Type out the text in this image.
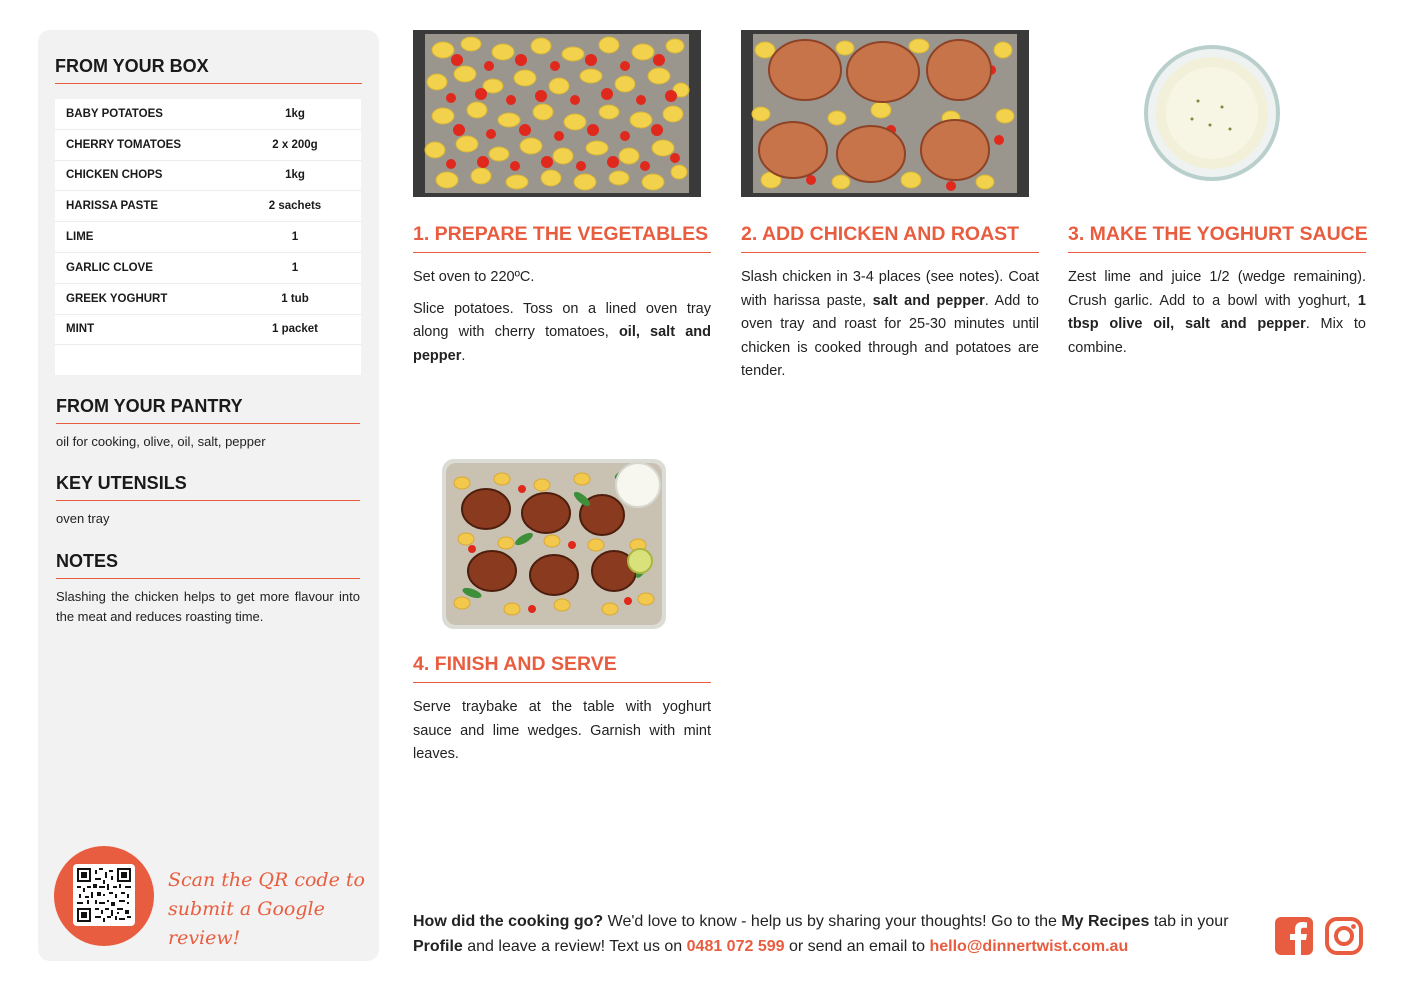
FROM YOUR BOX
BABY POTATOES	1kg
CHERRY TOMATOES	2 x 200g
CHICKEN CHOPS	1kg
HARISSA PASTE	2 sachets
LIME	1
GARLIC CLOVE	1
GREEK YOGHURT	1 tub
MINT	1 packet
FROM YOUR PANTRY
oil for cooking, olive, oil, salt, pepper
KEY UTENSILS
oven tray
NOTES
Slashing the chicken helps to get more flavour into the meat and reduces roasting time.
Scan the QR code to
submit a Google review!
1. PREPARE THE VEGETABLES

Set oven to 220ºC.

Slice potatoes. Toss on a lined oven tray along with cherry tomatoes, oil, salt and pepper.

2. ADD CHICKEN AND ROAST

Slash chicken in 3-4 places (see notes). Coat with harissa paste, salt and pepper. Add to oven tray and roast for 25-30 minutes until chicken is cooked through and potatoes are tender.

3. MAKE THE YOGHURT SAUCE

Zest lime and juice 1/2 (wedge remaining). Crush garlic. Add to a bowl with yoghurt, 1 tbsp olive oil, salt and pepper. Mix to combine.

4. FINISH AND SERVE

Serve traybake at the table with yoghurt sauce and lime wedges. Garnish with mint leaves.

How did the cooking go? We'd love to know - help us by sharing your thoughts! Go to the My Recipes tab in your Profile and leave a review! Text us on 0481 072 599 or send an email to hello@dinnertwist.com.au
